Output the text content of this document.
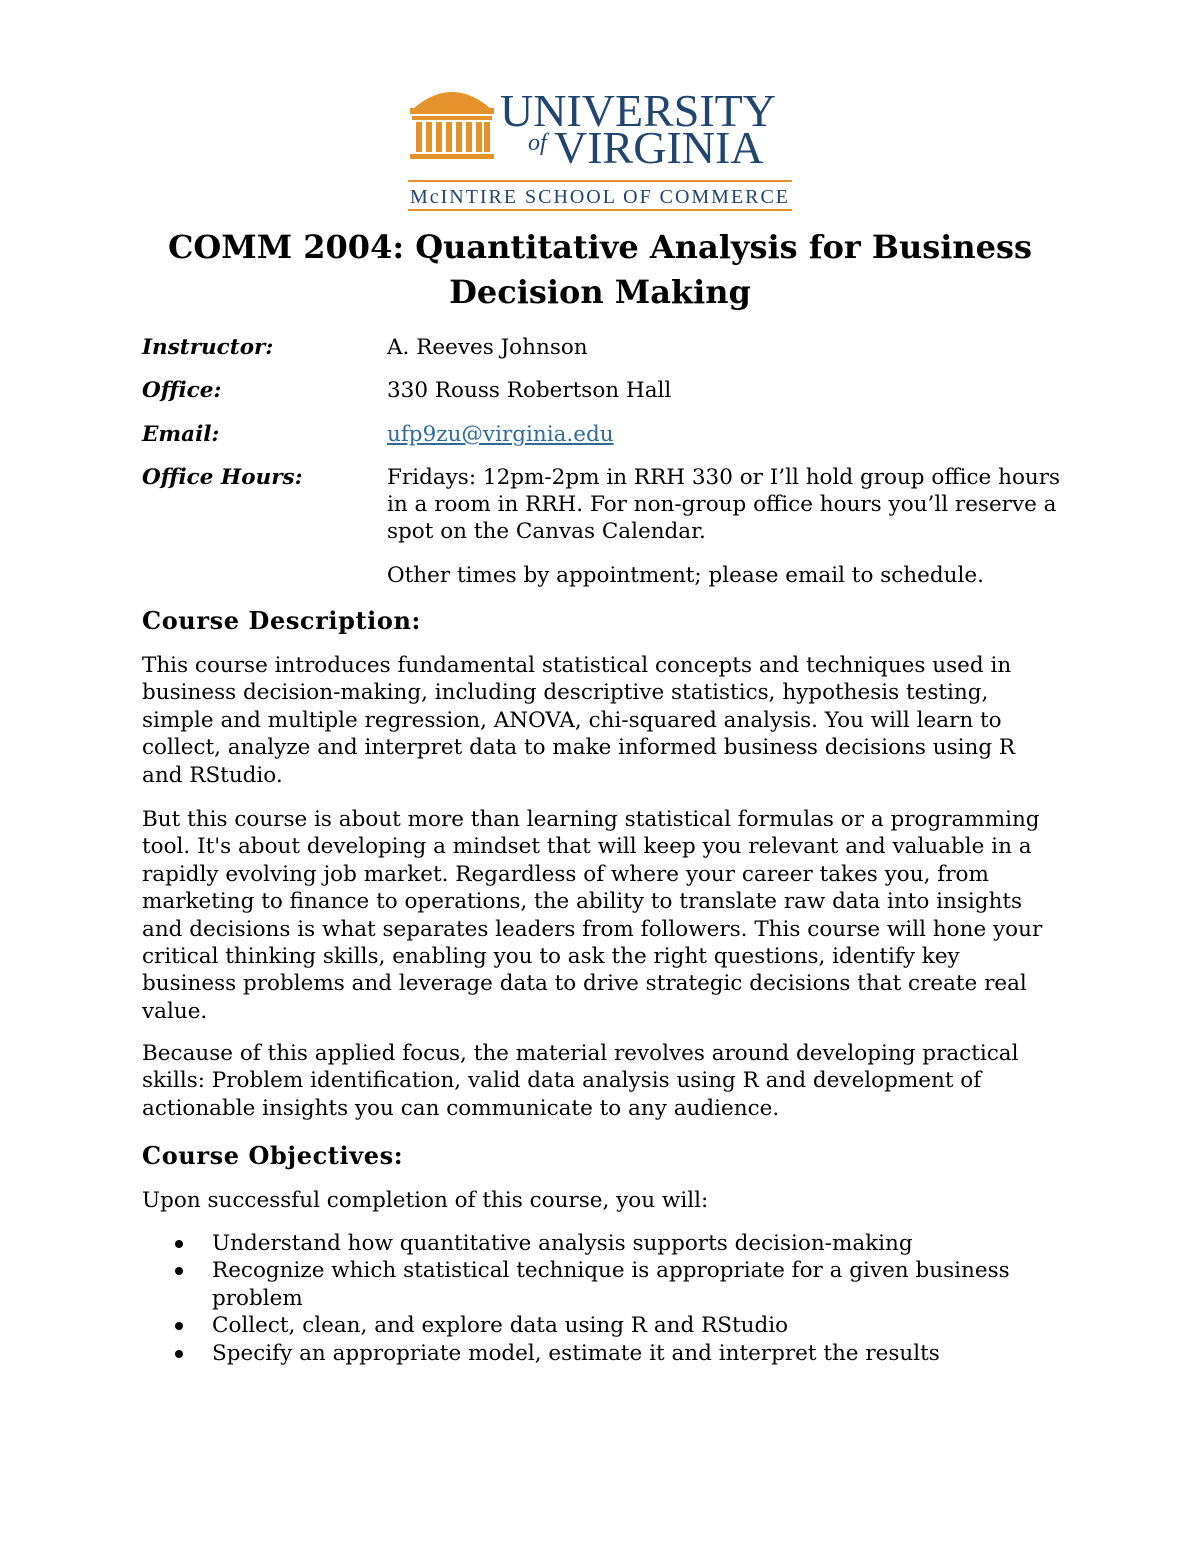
UNIVERSITY
of VIRGINIA
McINTIRE SCHOOL OF COMMERCE
COMM 2004: Quantitative Analysis for Business Decision Making
Instructor:	A. Reeves Johnson
Office:	330 Rouss Robertson Hall
Email:	ufp9zu@virginia.edu
Office Hours:	Fridays: 12pm-2pm in RRH 330 or I’ll hold group office hours in a room in RRH. For non-group office hours you’ll reserve a spot on the Canvas Calendar.
Other times by appointment; please email to schedule.
Course Description:
This course introduces fundamental statistical concepts and techniques used in business decision-making, including descriptive statistics, hypothesis testing, simple and multiple regression, ANOVA, chi-squared analysis. You will learn to collect, analyze and interpret data to make informed business decisions using R and RStudio.
But this course is about more than learning statistical formulas or a programming tool. It's about developing a mindset that will keep you relevant and valuable in a rapidly evolving job market. Regardless of where your career takes you, from marketing to finance to operations, the ability to translate raw data into insights and decisions is what separates leaders from followers. This course will hone your critical thinking skills, enabling you to ask the right questions, identify key business problems and leverage data to drive strategic decisions that create real value.
Because of this applied focus, the material revolves around developing practical skills: Problem identification, valid data analysis using R and development of actionable insights you can communicate to any audience.
Course Objectives:
Upon successful completion of this course, you will:
Understand how quantitative analysis supports decision-making
Recognize which statistical technique is appropriate for a given business problem
Collect, clean, and explore data using R and RStudio
Specify an appropriate model, estimate it and interpret the results
